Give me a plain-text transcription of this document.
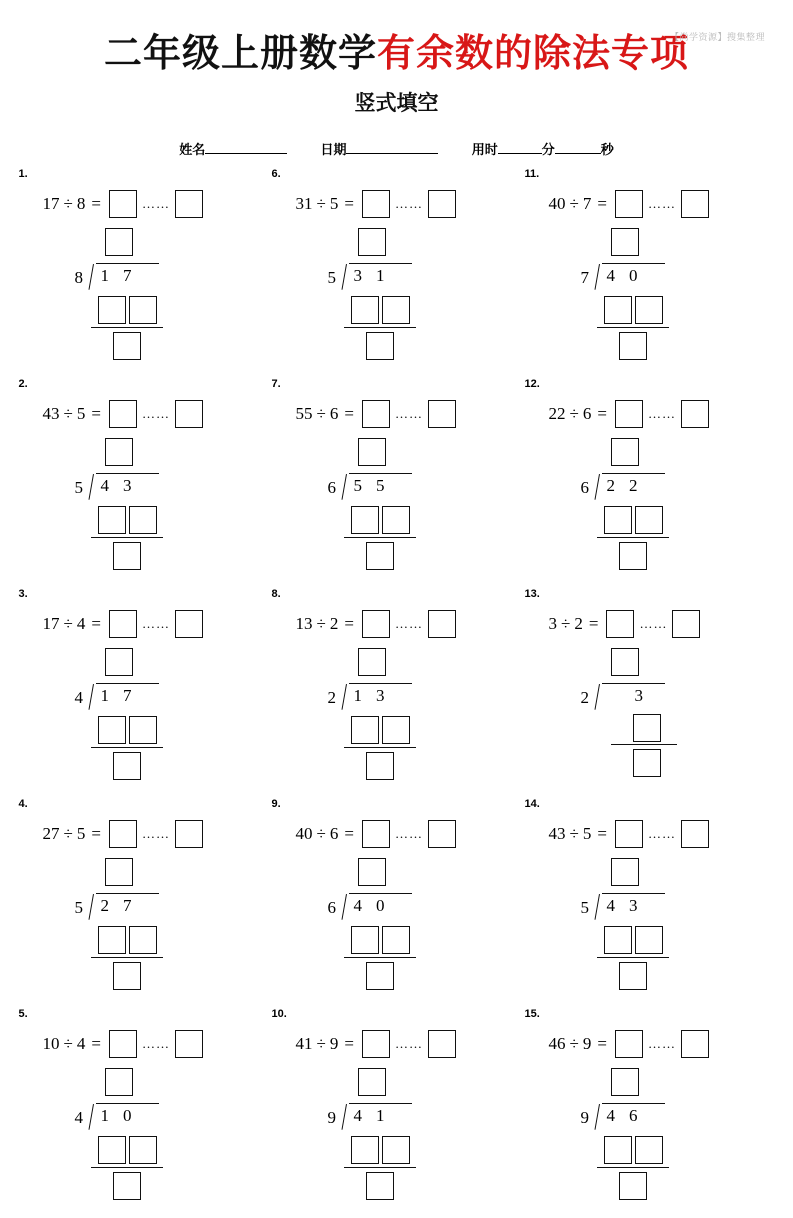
【尚学资源】搜集整理
二年级上册数学有余数的除法专项
竖式填空
姓名	日期	用时	分	秒
1.
17 ÷ 8 =	……
8 17
6.
31 ÷ 5 =	……
5 31
11.
40 ÷ 7 =	……
7 40
2.
43 ÷ 5 =	……
5 43
7.
55 ÷ 6 =	……
6 55
12.
22 ÷ 6 =	……
6 22
3.
17 ÷ 4 =	……
4 17
8.
13 ÷ 2 =	……
2 13
13.
3 ÷ 2 =	……
2	3
4.
27 ÷ 5 =	……
5 27
9.
40 ÷ 6 =	……
6 40
14.
43 ÷ 5 =	……
5 43
5.
10 ÷ 4 =	……
4 10
10.
41 ÷ 9 =	……
9 41
15.
46 ÷ 9 =	……
9 46
